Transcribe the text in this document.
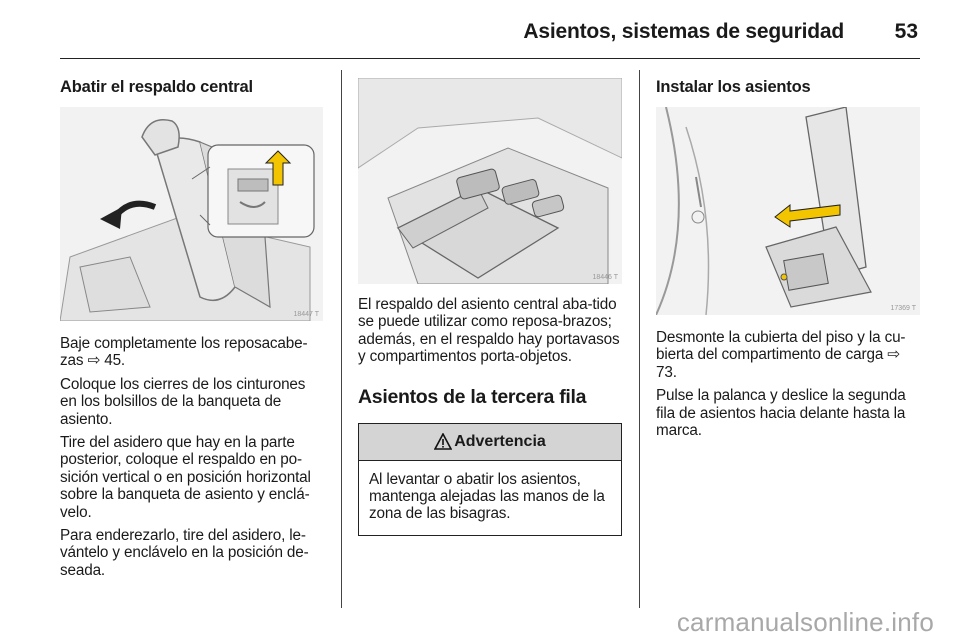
Asientos, sistemas de seguridad 53
Abatir el respaldo central
18447 T

Baje completamente los reposacabe-zas ⇨ 45.

Coloque los cierres de los cinturones en los bolsillos de la banqueta de asiento.

Tire del asidero que hay en la parte posterior, coloque el respaldo en po-sición vertical o en posición horizontal sobre la banqueta de asiento y enclá-velo.

Para enderezarlo, tire del asidero, le-vántelo y enclávelo en la posición de-seada.

18446 T

El respaldo del asiento central aba-tido se puede utilizar como reposa-brazos; además, en el respaldo hay portavasos y compartimentos porta-objetos.

Asientos de la tercera fila
Advertencia

Al levantar o abatir los asientos, mantenga alejadas las manos de la zona de las bisagras.

Instalar los asientos
17369 T

Desmonte la cubierta del piso y la cu-bierta del compartimento de carga ⇨ 73.

Pulse la palanca y deslice la segunda fila de asientos hacia delante hasta la marca.

carmanualsonline.info
